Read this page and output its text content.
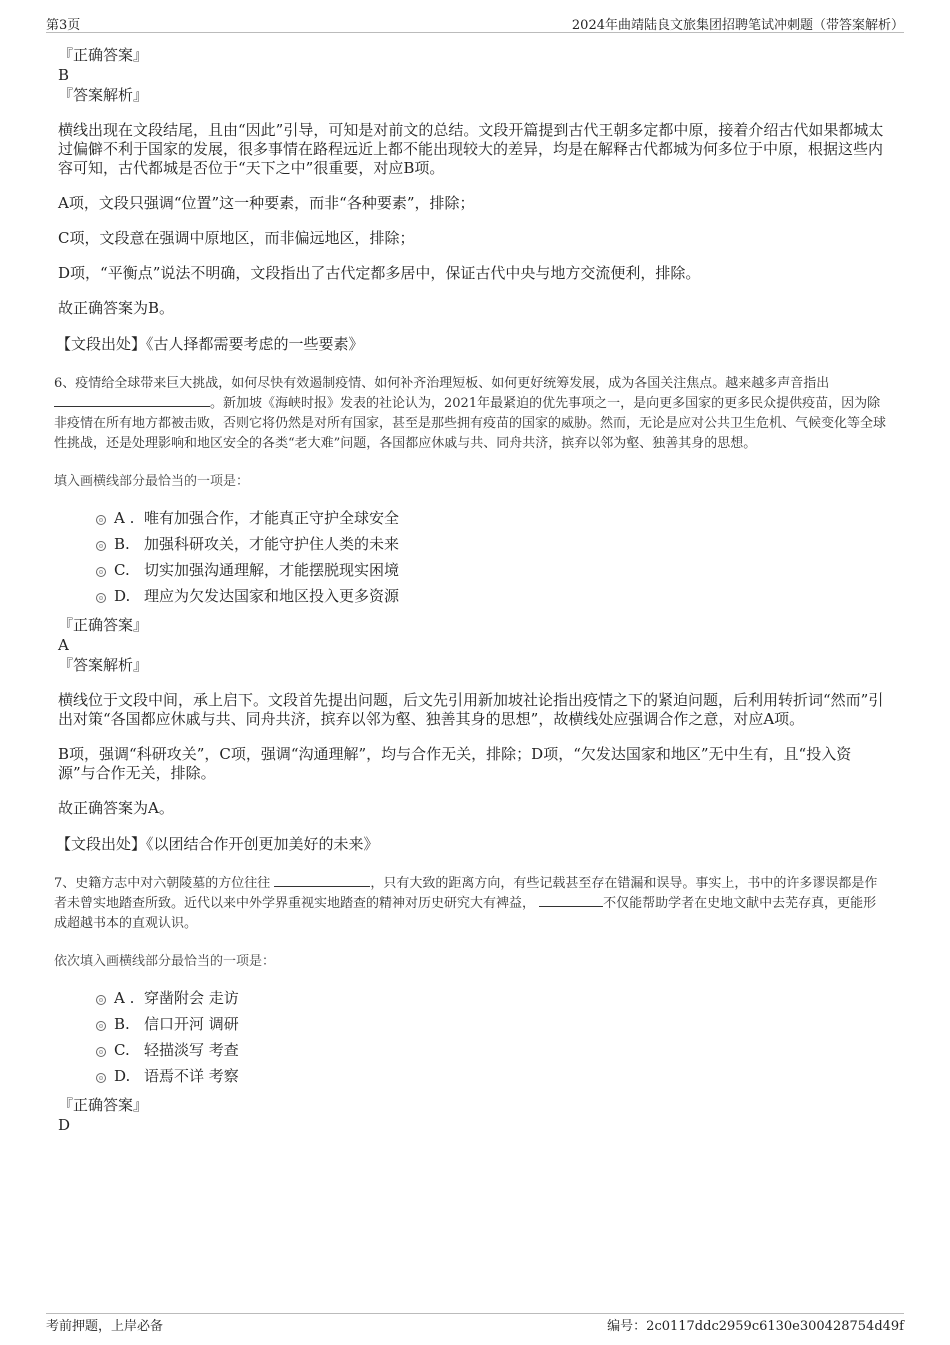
第3页	2024年曲靖陆良文旅集团招聘笔试冲刺题（带答案解析）
『正确答案』
B
『答案解析』
横线出现在文段结尾，且由“因此”引导，可知是对前文的总结。文段开篇提到古代王朝多定都中原，接着介绍古代如果都城太过偏僻不利于国家的发展，很多事情在路程远近上都不能出现较大的差异，均是在解释古代都城为何多位于中原，根据这些内容可知，古代都城是否位于“天下之中”很重要，对应B项。
A项，文段只强调“位置”这一种要素，而非“各种要素”，排除；
C项，文段意在强调中原地区，而非偏远地区，排除；
D项，“平衡点”说法不明确，文段指出了古代定都多居中，保证古代中央与地方交流便利，排除。
故正确答案为B。
【文段出处】《古人择都需要考虑的一些要素》
6、疫情给全球带来巨大挑战，如何尽快有效遏制疫情、如何补齐治理短板、如何更好统筹发展，成为各国关注焦点。越来越多声音指出 。新加坡《海峡时报》发表的社论认为，2021年最紧迫的优先事项之一，是向更多国家的更多民众提供疫苗，因为除非疫情在所有地方都被击败，否则它将仍然是对所有国家，甚至是那些拥有疫苗的国家的威胁。然而，无论是应对公共卫生危机、气候变化等全球性挑战，还是处理影响和地区安全的各类“老大难”问题，各国都应休戚与共、同舟共济，摈弃以邻为壑、独善其身的思想。
填入画横线部分最恰当的一项是：
A . 唯有加强合作，才能真正守护全球安全
B. 加强科研攻关，才能守护住人类的未来
C. 切实加强沟通理解，才能摆脱现实困境
D. 理应为欠发达国家和地区投入更多资源
『正确答案』
A
『答案解析』
横线位于文段中间，承上启下。文段首先提出问题，后文先引用新加坡社论指出疫情之下的紧迫问题，后利用转折词“然而”引出对策“各国都应休戚与共、同舟共济，摈弃以邻为壑、独善其身的思想”，故横线处应强调合作之意，对应A项。
B项，强调“科研攻关”，C项，强调“沟通理解”，均与合作无关，排除；D项，“欠发达国家和地区”无中生有，且“投入资源”与合作无关，排除。
故正确答案为A。
【文段出处】《以团结合作开创更加美好的未来》
7、史籍方志中对六朝陵墓的方位往往	，只有大致的距离方向，有些记载甚至存在错漏和误导。事实上，书中的许多谬误都是作者未曾实地踏查所致。近代以来中外学界重视实地踏查的精神对历史研究大有裨益，	不仅能帮助学者在史地文献中去芜存真，更能形成超越书本的直观认识。
依次填入画横线部分最恰当的一项是：
A . 穿凿附会 走访
B. 信口开河 调研
C. 轻描淡写 考查
D. 语焉不详 考察
『正确答案』
D
考前押题，上岸必备	编号：2c0117ddc2959c6130e300428754d49f
